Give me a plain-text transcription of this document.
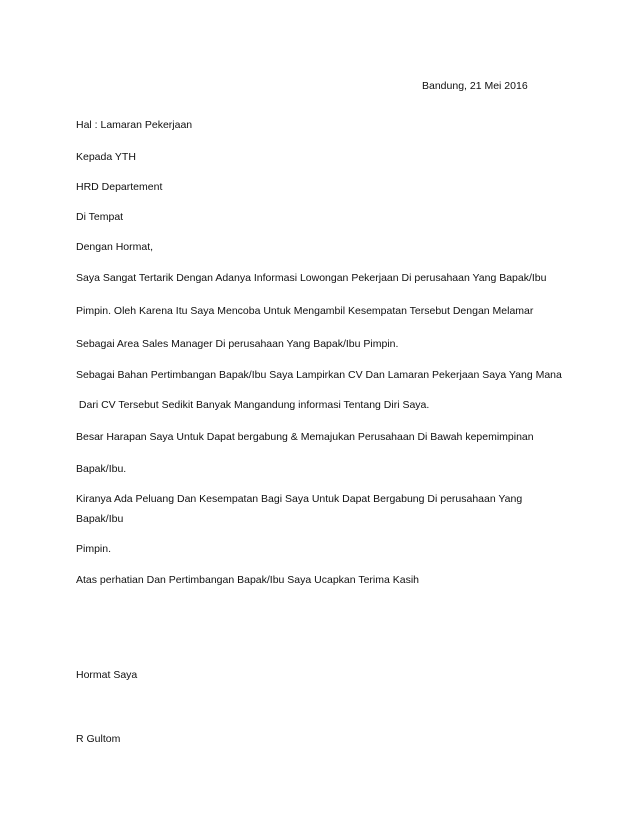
Bandung, 21 Mei 2016
Hal : Lamaran Pekerjaan
Kepada YTH
HRD Departement
Di Tempat
Dengan Hormat,
Saya Sangat Tertarik Dengan Adanya Informasi Lowongan Pekerjaan Di perusahaan Yang Bapak/Ibu
Pimpin. Oleh Karena Itu Saya Mencoba Untuk Mengambil Kesempatan Tersebut Dengan Melamar
Sebagai Area Sales Manager Di perusahaan Yang Bapak/Ibu Pimpin.
Sebagai Bahan Pertimbangan Bapak/Ibu Saya Lampirkan CV Dan Lamaran Pekerjaan Saya Yang Mana
Dari CV Tersebut Sedikit Banyak Mangandung informasi Tentang Diri Saya.
Besar Harapan Saya Untuk Dapat bergabung & Memajukan Perusahaan Di Bawah kepemimpinan
Bapak/Ibu.
Kiranya Ada Peluang Dan Kesempatan Bagi Saya Untuk Dapat Bergabung Di perusahaan Yang
Bapak/Ibu
Pimpin.
Atas perhatian Dan Pertimbangan Bapak/Ibu Saya Ucapkan Terima Kasih
Hormat Saya
R Gultom
